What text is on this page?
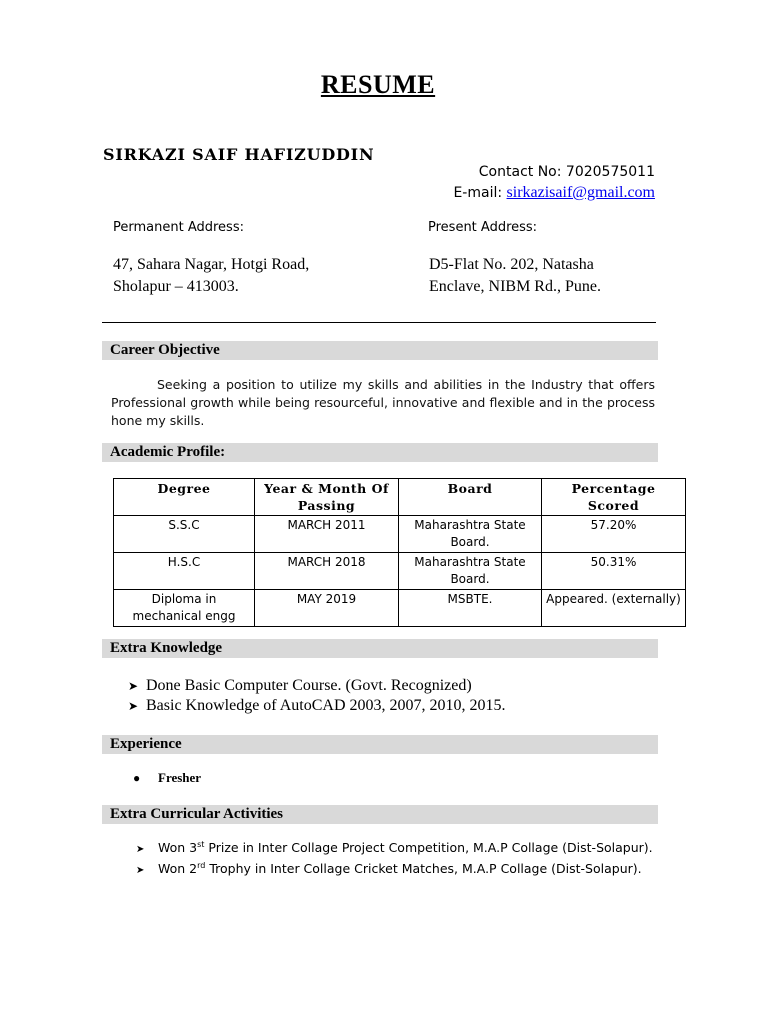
RESUME
SIRKAZI SAIF HAFIZUDDIN
Contact No: 7020575011
E-mail: sirkazisaif@gmail.com
Permanent Address:	Present Address:
47, Sahara Nagar, Hotgi Road,
Sholapur – 413003.
D5-Flat No. 202, Natasha
Enclave, NIBM Rd., Pune.
Career Objective
Seeking a position to utilize my skills and abilities in the Industry that offers Professional growth while being resourceful, innovative and flexible and in the process hone my skills.
Academic Profile:
Degree	Year & Month Of Passing	Board	Percentage Scored
S.S.C	MARCH 2011	Maharashtra State Board.	57.20%
H.S.C	MARCH 2018	Maharashtra State Board.	50.31%
Diploma in mechanical engg	MAY 2019	MSBTE.	Appeared. (externally)
Extra Knowledge
➤ Done Basic Computer Course. (Govt. Recognized)
➤ Basic Knowledge of AutoCAD 2003, 2007, 2010, 2015.
Experience
● Fresher
Extra Curricular Activities
➤ Won 3st Prize in Inter Collage Project Competition, M.A.P Collage (Dist-Solapur).
➤ Won 2rd Trophy in Inter Collage Cricket Matches, M.A.P Collage (Dist-Solapur).
